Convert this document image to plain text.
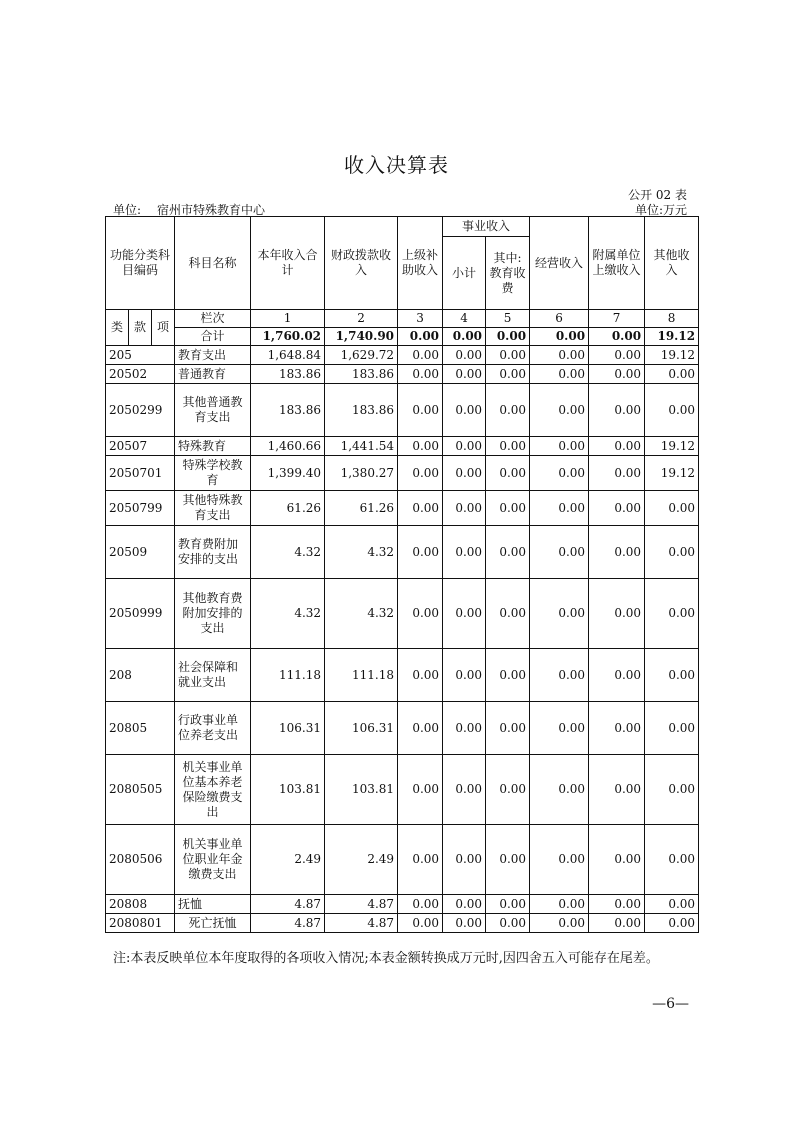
收入决算表
公开 02 表
单位: 宿州市特殊教育中心	单位:万元
功能分类科目编码			科目名称	本年收入合计	财政拨款收入	上级补助收入	事业收入		经营收入	附属单位上缴收入	其他收入
							小计	其中:教育收费			

类	款	项	栏次	1	2	3	4	5	6	7	8
			合计	1,760.02	1,740.90	0.00	0.00	0.00	0.00	0.00	19.12
205			教育支出	1,648.84	1,629.72	0.00	0.00	0.00	0.00	0.00	19.12
20502			普通教育	183.86	183.86	0.00	0.00	0.00	0.00	0.00	0.00
2050299			其他普通教育支出	183.86	183.86	0.00	0.00	0.00	0.00	0.00	0.00
20507			特殊教育	1,460.66	1,441.54	0.00	0.00	0.00	0.00	0.00	19.12
2050701			特殊学校教育	1,399.40	1,380.27	0.00	0.00	0.00	0.00	0.00	19.12
2050799			其他特殊教育支出	61.26	61.26	0.00	0.00	0.00	0.00	0.00	0.00
20509			教育费附加安排的支出	4.32	4.32	0.00	0.00	0.00	0.00	0.00	0.00
2050999			其他教育费附加安排的支出	4.32	4.32	0.00	0.00	0.00	0.00	0.00	0.00
208			社会保障和就业支出	111.18	111.18	0.00	0.00	0.00	0.00	0.00	0.00
20805			行政事业单位养老支出	106.31	106.31	0.00	0.00	0.00	0.00	0.00	0.00
2080505			机关事业单位基本养老保险缴费支出	103.81	103.81	0.00	0.00	0.00	0.00	0.00	0.00
2080506			机关事业单位职业年金缴费支出	2.49	2.49	0.00	0.00	0.00	0.00	0.00	0.00
20808			抚恤	4.87	4.87	0.00	0.00	0.00	0.00	0.00	0.00
2080801			死亡抚恤	4.87	4.87	0.00	0.00	0.00	0.00	0.00	0.00
注:本表反映单位本年度取得的各项收入情况;本表金额转换成万元时,因四舍五入可能存在尾差。
—6—
